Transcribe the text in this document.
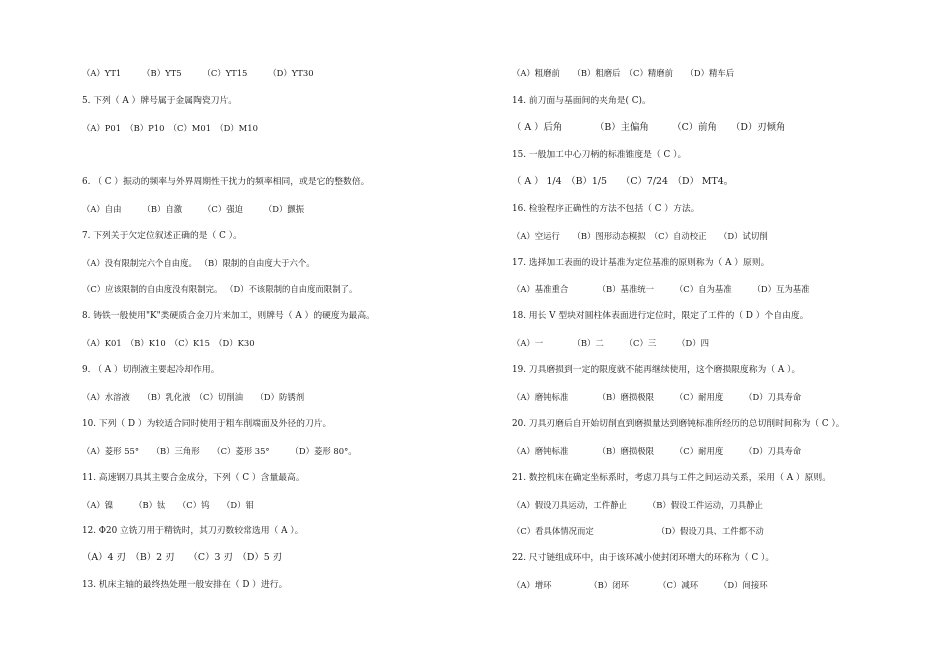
（A）YT1　　　（B）YT5　　　（C）YT15　　　（D）YT30
5. 下列（ A ）牌号属于金属陶瓷刀片。
（A）P01　（B）P10　（C）M01　（D）M10
6. （ C ）振动的频率与外界周期性干扰力的频率相同，或是它的整数倍。
（A）自由　　　（B）自激　　　（C）强迫　　　（D）颤振
7. 下列关于欠定位叙述正确的是（ C ）。
（A）没有限制完六个自由度。 （B）限制的自由度大于六个。
（C）应该限制的自由度没有限制完。 （D）不该限制的自由度而限制了。
8. 铸铁一般使用"K"类硬质合金刀片来加工，则牌号（ A ）的硬度为最高。
（A）K01　（B）K10　（C）K15　（D）K30
9. （ A ）切削液主要起冷却作用。
（A）水溶液　　（B）乳化液　（C）切削油　　（D）防锈剂
10. 下列（ D ）为较适合同时使用于粗车削端面及外径的刀片。
（A）菱形 55°　　（B）三角形　　（C）菱形 35°　　　（D）菱形 80°。
11. 高速钢刀具其主要合金成分，下列（ C ）含量最高。
（A）镍　　　（B）钛　　（C）钨　　（D）钼
12. Φ20 立铣刀用于精铣时，其刀刃数较常选用（ A ）。
（A）4 刃　（B）2 刃　　（C）3 刃　（D）5 刃
13. 机床主轴的最终热处理一般安排在（ D ）进行。
（A）粗磨前　　（B）粗磨后　（C）精磨前　　（D）精车后
14. 前刀面与基面间的夹角是( C)。
（ A ）后角　　　　（B）主偏角　　　（C）前角　　（D）刃倾角
15. 一般加工中心刀柄的标准锥度是（ C ）。
（ A ） 1/4　（B）1/5　　（C）7/24　（D） MT4。
16. 检验程序正确性的方法不包括（ C ）方法。
（A）空运行　　（B）图形动态模拟　（C）自动校正　　（D）试切削
17. 选择加工表面的设计基准为定位基准的原则称为（ A ）原则。
（A）基准重合　　　　（B）基准统一　　　（C）自为基准　　　（D）互为基准
18. 用长 V 型块对圆柱体表面进行定位时，限定了工件的（ D ）个自由度。
（A）一　　　　（B）二　　　（C）三　　　（D）四
19. 刀具磨损到一定的限度就不能再继续使用，这个磨损限度称为（ A ）。
（A）磨钝标准　　　　（B）磨损极限　　　（C）耐用度　　　（D）刀具寿命
20. 刀具刃磨后自开始切削直到磨损量达到磨钝标准所经历的总切削时间称为（ C ）。
（A）磨钝标准　　　　（B）磨损极限　　　（C）耐用度　　　（D）刀具寿命
21. 数控机床在确定坐标系时，考虑刀具与工件之间运动关系，采用（ A ）原则。
（A）假设刀具运动，工件静止　　　（B）假设工件运动，刀具静止
（C）看具体情况而定　　　　　　　　（D）假设刀具、工件都不动
22. 尺寸链组成环中，由于该环减小使封闭环增大的环称为（ C ）。
（A）增环　　　　　（B）闭环　　　　（C）减环　　　（D）间接环
